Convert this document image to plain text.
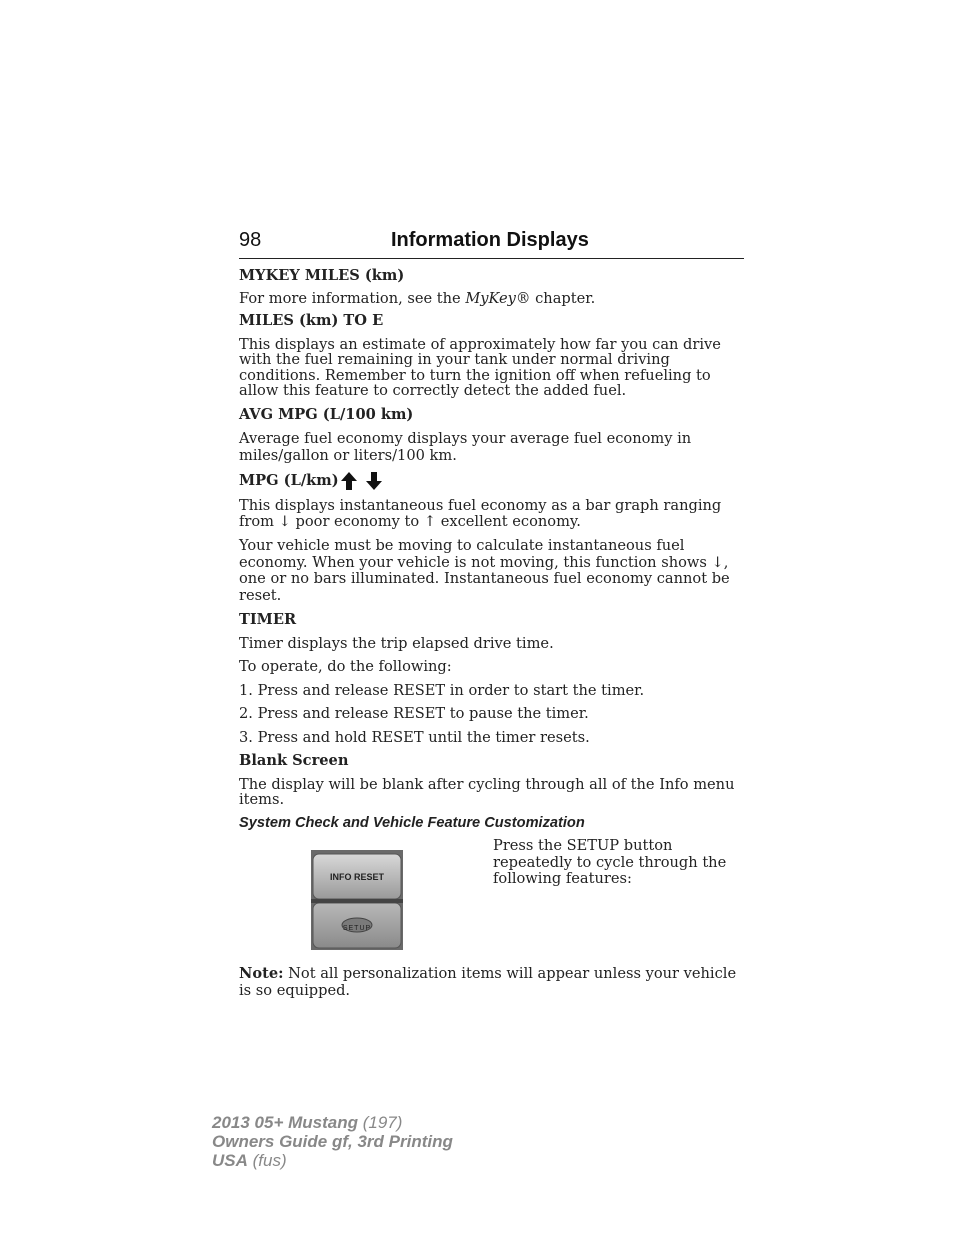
98	Information Displays

MYKEY MILES (km)

For more information, see the MyKey® chapter.

MILES (km) TO E

This displays an estimate of approximately how far you can drive with the fuel remaining in your tank under normal driving conditions. Remember to turn the ignition off when refueling to allow this feature to correctly detect the added fuel.

AVG MPG (L/100 km)

Average fuel economy displays your average fuel economy in miles/gallon or liters/100 km.

MPG (L/km)

This displays instantaneous fuel economy as a bar graph ranging from ↓ poor economy to ↑ excellent economy.

Your vehicle must be moving to calculate instantaneous fuel economy. When your vehicle is not moving, this function shows ↓, one or no bars illuminated. Instantaneous fuel economy cannot be reset.

TIMER

Timer displays the trip elapsed drive time.

To operate, do the following:

1. Press and release RESET in order to start the timer.

2. Press and release RESET to pause the timer.

3. Press and hold RESET until the timer resets.

Blank Screen

The display will be blank after cycling through all of the Info menu items.

System Check and Vehicle Feature Customization

INFO RESET
SETUP

Press the SETUP button repeatedly to cycle through the following features:

Note: Not all personalization items will appear unless your vehicle is so equipped.

2013 05+ Mustang (197)
Owners Guide gf, 3rd Printing
USA (fus)
